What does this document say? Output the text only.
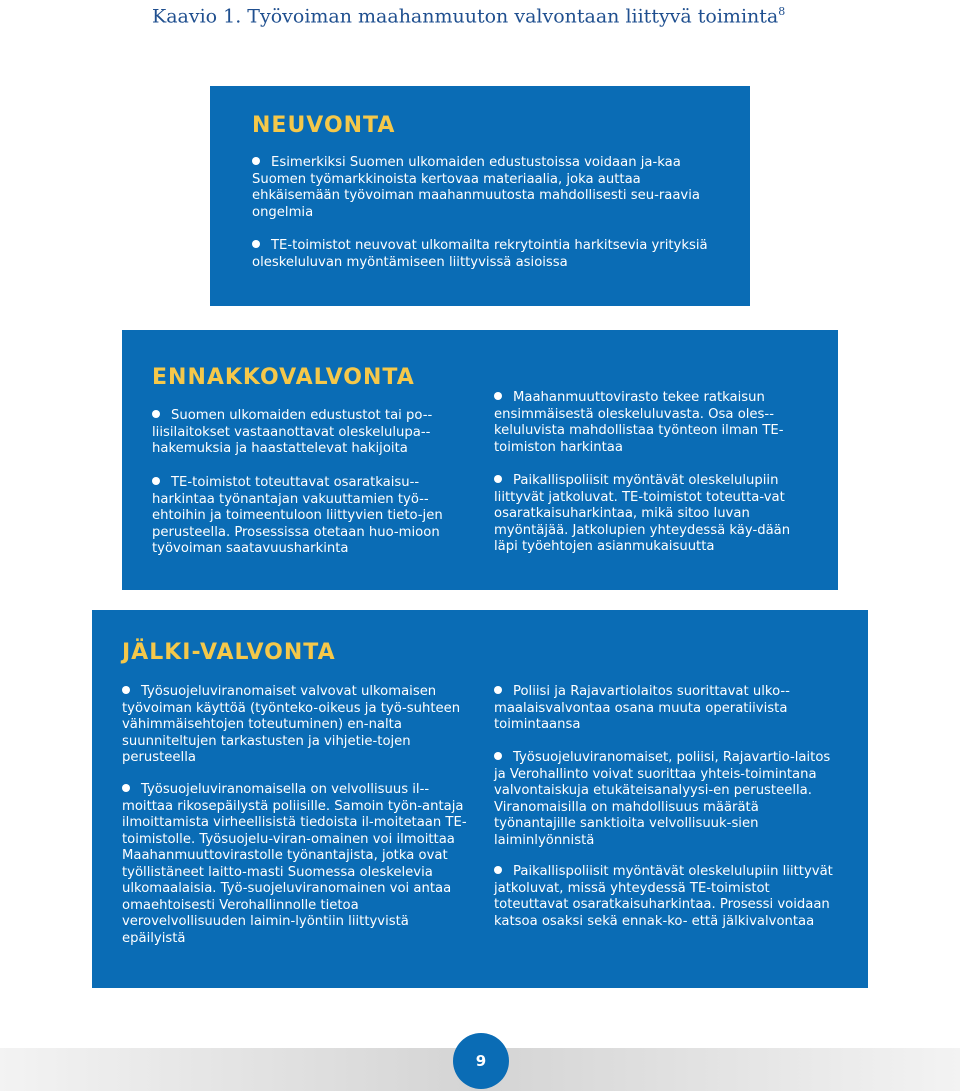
Kaavio 1. Työvoiman maahanmuuton valvontaan liittyvä toiminta$^8$
NEUVONTA
Esimerkiksi Suomen ulkomaiden edustustoissa voidaan ja-kaa Suomen työmarkkinoista kertovaa materiaalia, joka auttaa ehkäisemään työvoiman maahanmuutosta mahdollisesti seu-raavia ongelmia
TE-toimistot neuvovat ulkomailta rekrytointia harkitsevia yrityksiä oleskeluluvan myöntämiseen liittyvissä asioissa
ENNAKKOVALVONTA
Suomen ulkomaiden edustustot tai po-liisilaitokset vastaanottavat oleskelulupa-hakemuksia ja haastattelevat hakijoita
TE-toimistot toteuttavat osaratkaisu-harkintaa työnantajan vakuuttamien työ-ehtoihin ja toimeentuloon liittyvien tieto-jen perusteella. Prosessissa otetaan huo-mioon työvoiman saatavuusharkinta
Maahanmuuttovirasto tekee ratkaisun ensimmäisestä oleskeluluvasta. Osa oles-keluluvista mahdollistaa työnteon ilman TE-toimiston harkintaa
Paikallispoliisit myöntävät oleskelulupiin liittyvät jatkoluvat. TE-toimistot toteutta-vat osaratkaisuharkintaa, mikä sitoo luvan myöntäjää. Jatkolupien yhteydessä käy-dään läpi työehtojen asianmukaisuutta
JÄLKI-VALVONTA
Työsuojeluviranomaiset valvovat ulkomaisen työvoiman käyttöä (työnteko-oikeus ja työ-suhteen vähimmäisehtojen toteutuminen) en-nalta suunniteltujen tarkastusten ja vihjetie-tojen perusteella
Työsuojeluviranomaisella on velvollisuus il-moittaa rikosepäilystä poliisille. Samoin työn-antaja ilmoittamista virheellisistä tiedoista il-moitetaan TE-toimistolle. Työsuojelu-viran-omainen voi ilmoittaa Maahanmuuttovirastolle työnantajista, jotka ovat työllistäneet laitto-masti Suomessa oleskelevia ulkomaalaisia. Työ-suojeluviranomainen voi antaa omaehtoisesti Verohallinnolle tietoa verovelvollisuuden laimin-lyöntiin liittyvistä epäilyistä
Poliisi ja Rajavartiolaitos suorittavat ulko-maalaisvalvontaa osana muuta operatiivista toimintaansa
Työsuojeluviranomaiset, poliisi, Rajavartio-laitos ja Verohallinto voivat suorittaa yhteis-toimintana valvontaiskuja etukäteisanalyysi-en perusteella. Viranomaisilla on mahdollisuus määrätä työnantajille sanktioita velvollisuuk-sien laiminlyönnistä
Paikallispoliisit myöntävät oleskelulupiin liittyvät jatkoluvat, missä yhteydessä TE-toimistot toteuttavat osaratkaisuharkintaa. Prosessi voidaan katsoa osaksi sekä ennak-ko- että jälkivalvontaa
9
